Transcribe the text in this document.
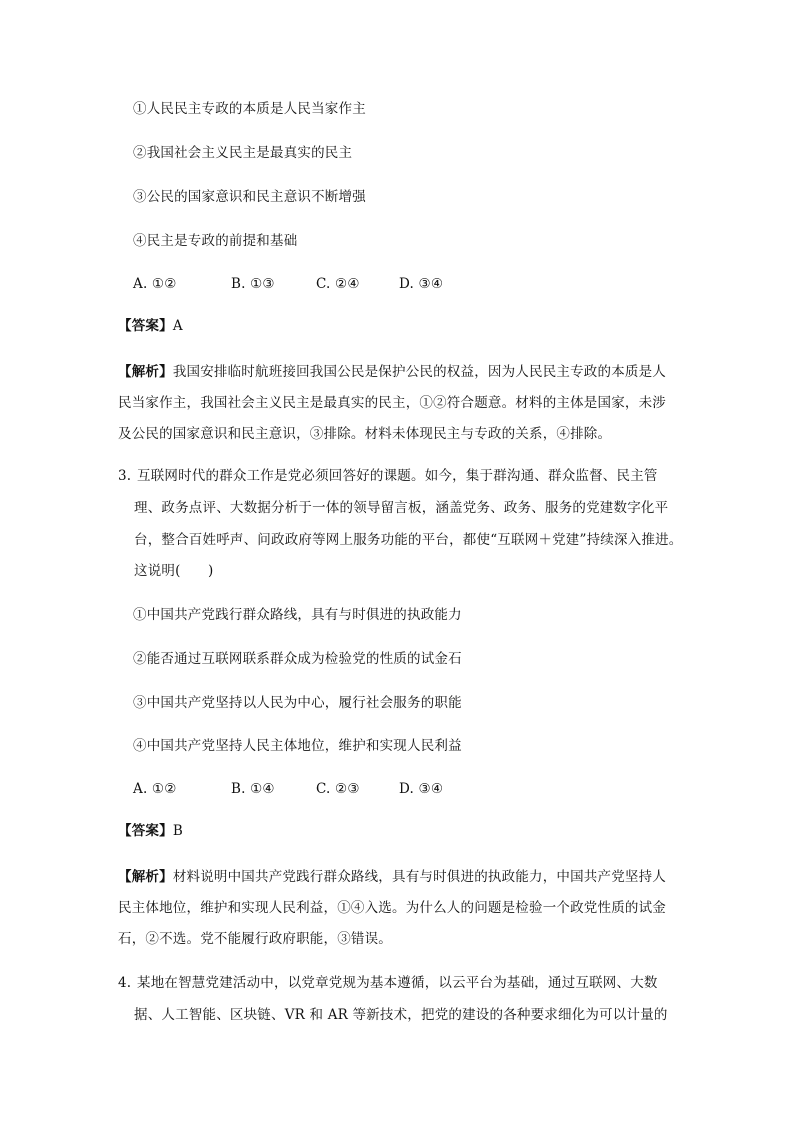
①人民民主专政的本质是人民当家作主
②我国社会主义民主是最真实的民主
③公民的国家意识和民主意识不断增强
④民主是专政的前提和基础
A. ①②	B. ①③	C. ②④	D. ③④
【答案】A
【解析】我国安排临时航班接回我国公民是保护公民的权益，因为人民民主专政的本质是人
民当家作主，我国社会主义民主是最真实的民主，①②符合题意。材料的主体是国家，未涉
及公民的国家意识和民主意识，③排除。材料未体现民主与专政的关系，④排除。
3. 互联网时代的群众工作是党必须回答好的课题。如今，集于群沟通、群众监督、民主管
理、政务点评、大数据分析于一体的领导留言板，涵盖党务、政务、服务的党建数字化平
台，整合百姓呼声、问政政府等网上服务功能的平台，都使“互联网＋党建”持续深入推进。
这说明(　　)
①中国共产党践行群众路线，具有与时俱进的执政能力
②能否通过互联网联系群众成为检验党的性质的试金石
③中国共产党坚持以人民为中心，履行社会服务的职能
④中国共产党坚持人民主体地位，维护和实现人民利益
A. ①②	B. ①④	C. ②③	D. ③④
【答案】B
【解析】材料说明中国共产党践行群众路线，具有与时俱进的执政能力，中国共产党坚持人
民主体地位，维护和实现人民利益，①④入选。为什么人的问题是检验一个政党性质的试金
石，②不选。党不能履行政府职能，③错误。
4. 某地在智慧党建活动中，以党章党规为基本遵循，以云平台为基础，通过互联网、大数
据、人工智能、区块链、VR 和 AR 等新技术，把党的建设的各种要求细化为可以计量的
